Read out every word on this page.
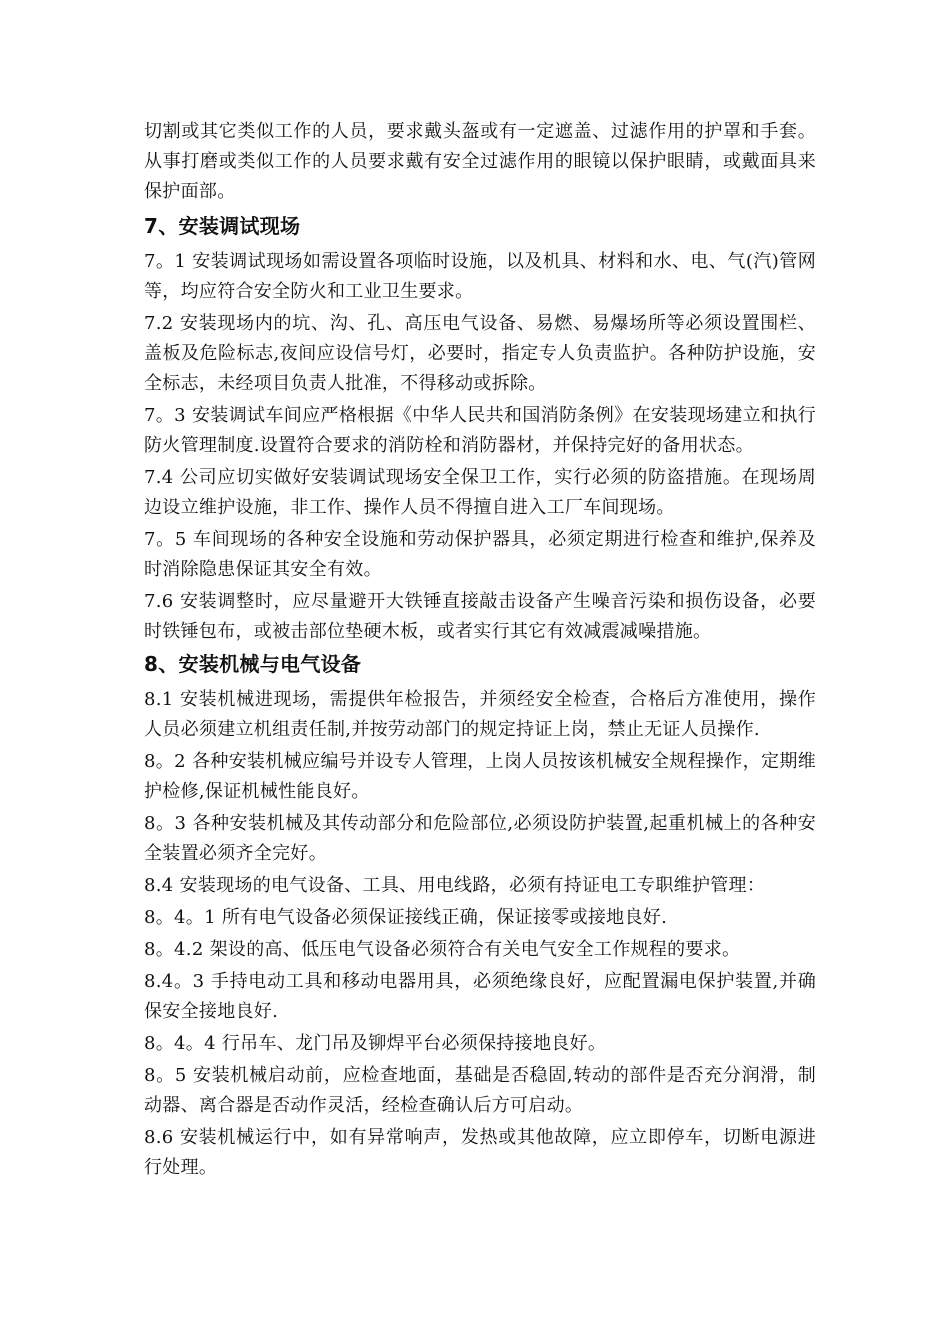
切割或其它类似工作的人员，要求戴头盔或有一定遮盖、过滤作用的护罩和手套。从事打磨或类似工作的人员要求戴有安全过滤作用的眼镜以保护眼睛，或戴面具来保护面部。

7、安装调试现场

7。1 安装调试现场如需设置各项临时设施，以及机具、材料和水、电、气(汽)管网等，均应符合安全防火和工业卫生要求。

7.2 安装现场内的坑、沟、孔、高压电气设备、易燃、易爆场所等必须设置围栏、盖板及危险标志,夜间应设信号灯，必要时，指定专人负责监护。各种防护设施，安全标志，未经项目负责人批准，不得移动或拆除。

7。3 安装调试车间应严格根据《中华人民共和国消防条例》在安装现场建立和执行防火管理制度.设置符合要求的消防栓和消防器材，并保持完好的备用状态。

7.4 公司应切实做好安装调试现场安全保卫工作，实行必须的防盗措施。在现场周边设立维护设施，非工作、操作人员不得擅自进入工厂车间现场。

7。5 车间现场的各种安全设施和劳动保护器具，必须定期进行检查和维护,保养及时消除隐患保证其安全有效。

7.6 安装调整时，应尽量避开大铁锤直接敲击设备产生噪音污染和损伤设备，必要时铁锤包布，或被击部位垫硬木板，或者实行其它有效减震减噪措施。

8、安装机械与电气设备

8.1 安装机械进现场，需提供年检报告，并须经安全检查，合格后方准使用，操作人员必须建立机组责任制,并按劳动部门的规定持证上岗，禁止无证人员操作.

8。2 各种安装机械应编号并设专人管理，上岗人员按该机械安全规程操作，定期维护检修,保证机械性能良好。

8。3 各种安装机械及其传动部分和危险部位,必须设防护装置,起重机械上的各种安全装置必须齐全完好。

8.4 安装现场的电气设备、工具、用电线路，必须有持证电工专职维护管理：

8。4。1 所有电气设备必须保证接线正确，保证接零或接地良好.

8。4.2 架设的高、低压电气设备必须符合有关电气安全工作规程的要求。

8.4。3 手持电动工具和移动电器用具，必须绝缘良好，应配置漏电保护装置,并确保安全接地良好.

8。4。4 行吊车、龙门吊及铆焊平台必须保持接地良好。

8。5 安装机械启动前，应检查地面，基础是否稳固,转动的部件是否充分润滑，制动器、离合器是否动作灵活，经检查确认后方可启动。

8.6 安装机械运行中，如有异常响声，发热或其他故障，应立即停车，切断电源进行处理。
